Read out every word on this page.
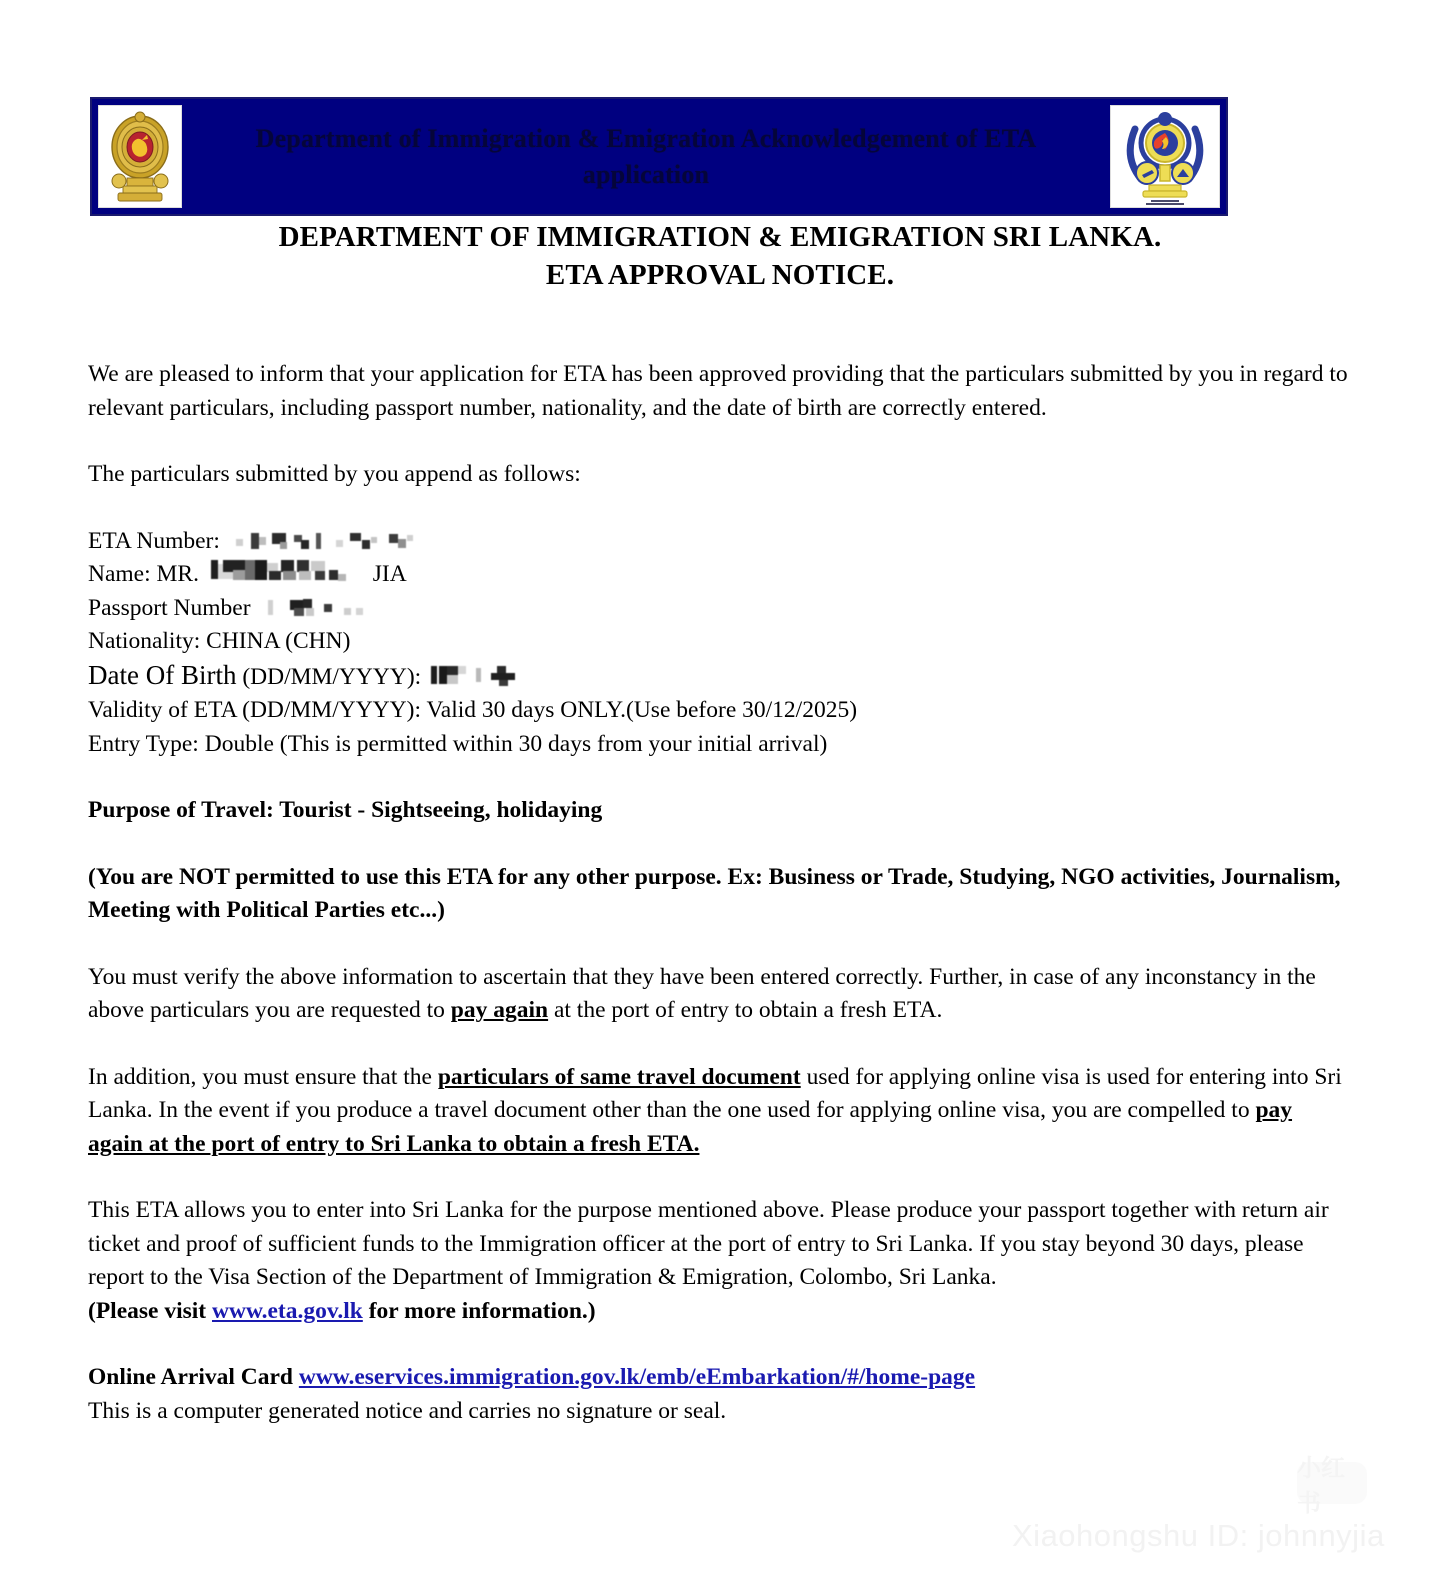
Department of Immigration & Emigration Acknowledgement of ETA application
DEPARTMENT OF IMMIGRATION & EMIGRATION SRI LANKA.
ETA APPROVAL NOTICE.

We are pleased to inform that your application for ETA has been approved providing that the particulars submitted by you in regard to relevant particulars, including passport number, nationality, and the date of birth are correctly entered.

The particulars submitted by you append as follows:

ETA Number:
Name: MR.	JIA
Passport Number
Nationality: CHINA (CHN)
Date Of Birth (DD/MM/YYYY):
Validity of ETA (DD/MM/YYYY): Valid 30 days ONLY.(Use before 30/12/2025)
Entry Type: Double (This is permitted within 30 days from your initial arrival)

Purpose of Travel: Tourist - Sightseeing, holidaying

(You are NOT permitted to use this ETA for any other purpose. Ex: Business or Trade, Studying, NGO activities, Journalism, Meeting with Political Parties etc...)

You must verify the above information to ascertain that they have been entered correctly. Further, in case of any inconstancy in the above particulars you are requested to pay again at the port of entry to obtain a fresh ETA.

In addition, you must ensure that the particulars of same travel document used for applying online visa is used for entering into Sri Lanka. In the event if you produce a travel document other than the one used for applying online visa, you are compelled to pay again at the port of entry to Sri Lanka to obtain a fresh ETA.

This ETA allows you to enter into Sri Lanka for the purpose mentioned above. Please produce your passport together with return air ticket and proof of sufficient funds to the Immigration officer at the port of entry to Sri Lanka. If you stay beyond 30 days, please report to the Visa Section of the Department of Immigration & Emigration, Colombo, Sri Lanka.

(Please visit www.eta.gov.lk for more information.)

Online Arrival Card www.eservices.immigration.gov.lk/emb/eEmbarkation/#/home-page

This is a computer generated notice and carries no signature or seal.

小红书
Xiaohongshu ID: johnnyjia
